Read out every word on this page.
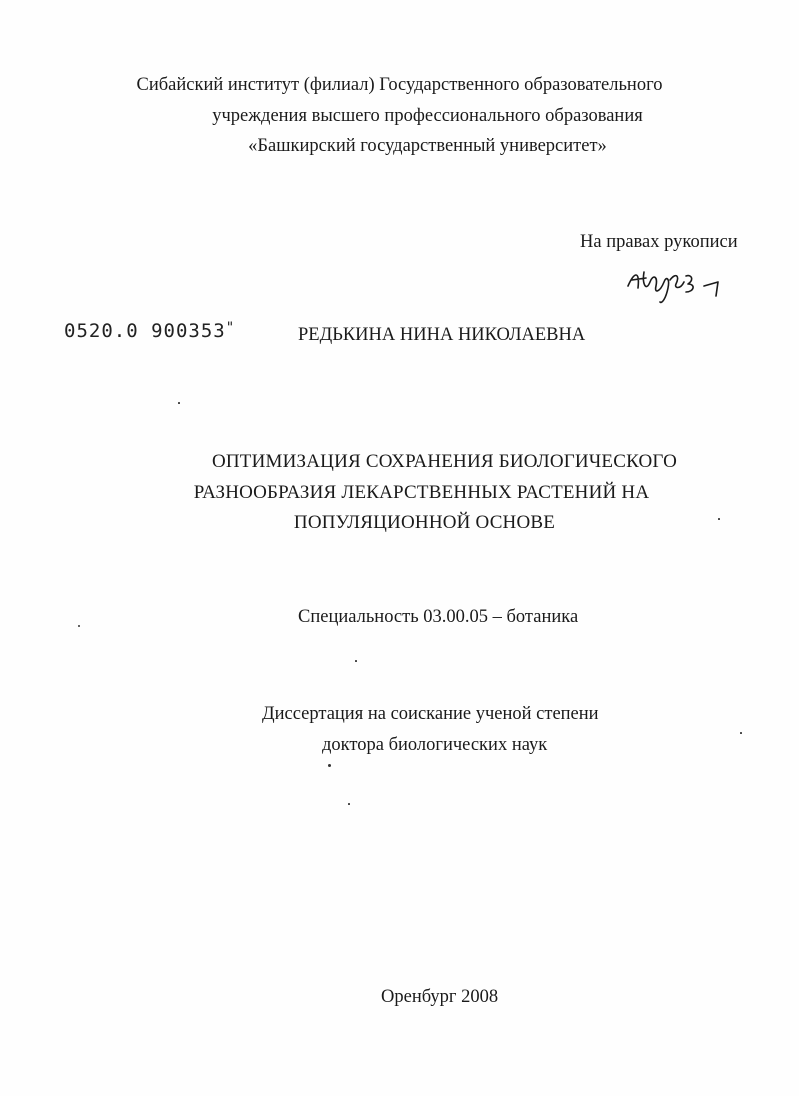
Сибайский институт (филиал) Государственного образовательного
учреждения высшего профессионального образования
«Башкирский государственный университет»
На правах рукописи
0520.0 900353"	РЕДЬКИНА НИНА НИКОЛАЕВНА
ОПТИМИЗАЦИЯ СОХРАНЕНИЯ БИОЛОГИЧЕСКОГО
РАЗНООБРАЗИЯ ЛЕКАРСТВЕННЫХ РАСТЕНИЙ НА
ПОПУЛЯЦИОННОЙ ОСНОВЕ
Специальность 03.00.05 – ботаника
Диссертация на соискание ученой степени
доктора биологических наук
Оренбург 2008
